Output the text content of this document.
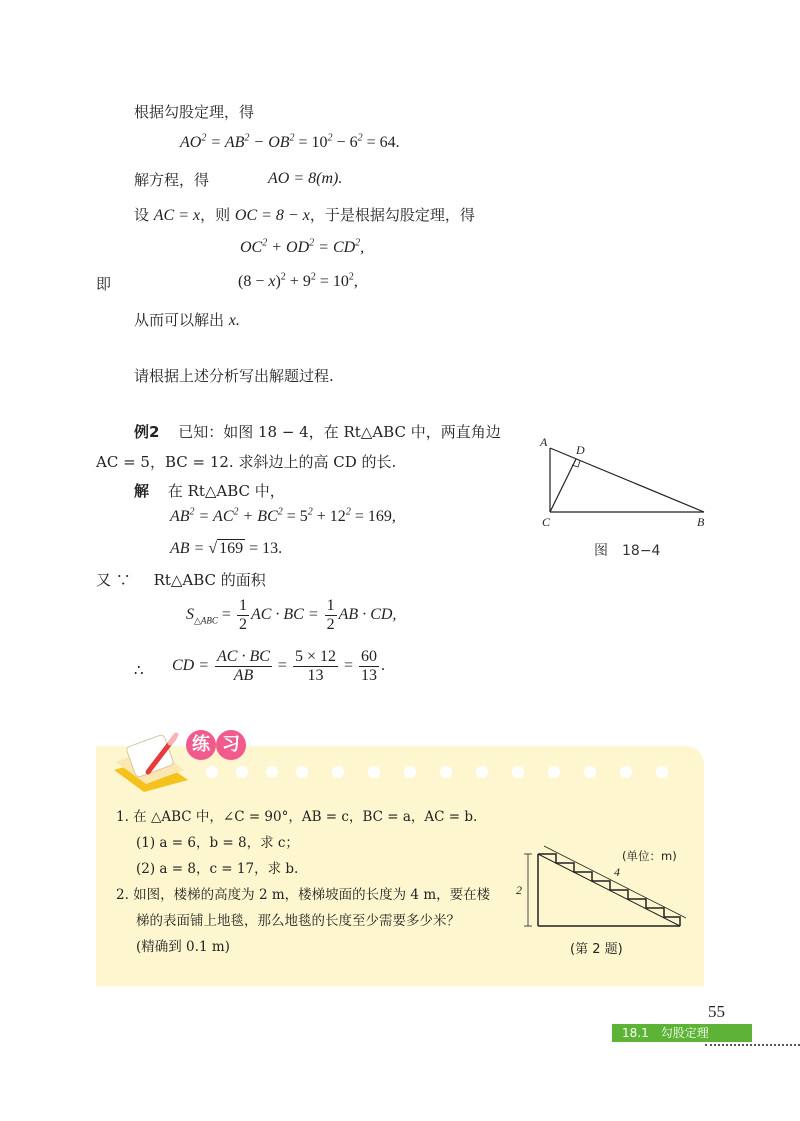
根据勾股定理，得
$AO^2 = AB^2 - OB^2 = 10^2 - 6^2 = 64$.
解方程，得	AO = 8(m).
设 AC = x，则 OC = 8 − x，于是根据勾股定理，得
$OC^2 + OD^2 = CD^2$,
即	$(8 - x)^2 + 9^2 = 10^2$,
从而可以解出 x.
请根据上述分析写出解题过程.
例2 已知：如图 18 − 4，在 Rt△ABC 中，两直角边
AC = 5，BC = 12. 求斜边上的高 CD 的长.
解 在 Rt△ABC 中，
$AB^2 = AC^2 + BC^2 = 5^2 + 12^2 = 169$,
AB = √ 169 = 13.
又 ∵ Rt△ABC 的面积
$S_{\triangle ABC} = \frac{1}{2}$ AC · BC = $\frac{1}{2}$ AB · CD,
∴ CD = $\frac{AC \cdot BC}{AB} = \frac{5 \times 12}{13} = \frac{60}{13}$ .
A
B
C
D
图　18−4
练 习
1. 在 △ABC 中，∠C = 90°，AB = c，BC = a，AC = b.
(1) a = 6，b = 8，求 c；
(2) a = 8，c = 17，求 b.
2. 如图，楼梯的高度为 2 m，楼梯坡面的长度为 4 m，要在楼
梯的表面铺上地毯，那么地毯的长度至少需要多少米？
(精确到 0.1 m)
2
4
(单位：m)
(第 2 题)
55
18.1　勾股定理
